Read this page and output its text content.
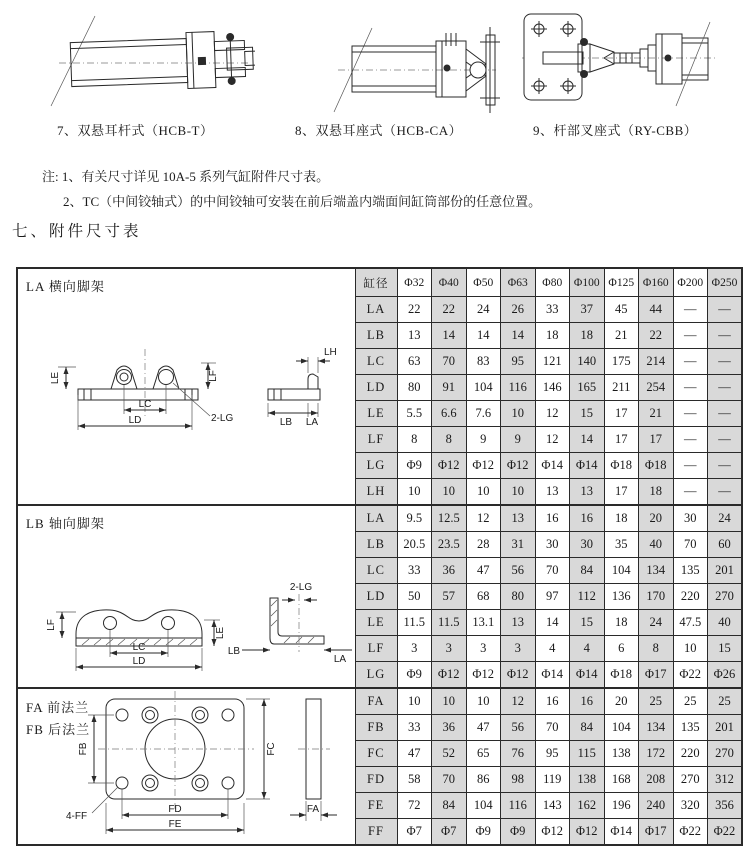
7、双悬耳杆式（HCB-T）	8、双悬耳座式（HCB-CA）	9、杆部叉座式（RY-CBB）
注: 1、有关尺寸详见 10A-5 系列气缸附件尺寸表。
2、TC（中间铰轴式）的中间铰轴可安装在前后端盖内端面间缸筒部份的任意位置。
七、附件尺寸表
LA 横向脚架
LE	LF
LC
LD	2-LG
LH
LB LA
	缸径	Φ32	Φ40	Φ50	Φ63	Φ80	Φ100	Φ125	Φ160	Φ200	Φ250
	LA	22	22	24	26	33	37	45	44	—	—
	LB	13	14	14	14	18	18	21	22	—	—
	LC	63	70	83	95	121	140	175	214	—	—
	LD	80	91	104	116	146	165	211	254	—	—
	LE	5.5	6.6	7.6	10	12	15	17	21	—	—
	LF	8	8	9	9	12	14	17	17	—	—
	LG	Φ9	Φ12	Φ12	Φ12	Φ14	Φ14	Φ18	Φ18	—	—
	LH	10	10	10	10	13	13	17	18	—	—

LB 轴向脚架
LF
LE
LC
LD
2-LG
LB
LA
	LA	9.5	12.5	12	13	16	16	18	20	30	24
	LB	20.5	23.5	28	31	30	30	35	40	70	60
	LC	33	36	47	56	70	84	104	134	135	201
	LD	50	57	68	80	97	112	136	170	220	270
	LE	11.5	11.5	13.1	13	14	15	18	24	47.5	40
	LF	3	3	3	3	4	4	6	8	10	15
	LG	Φ9	Φ12	Φ12	Φ12	Φ14	Φ14	Φ18	Φ17	Φ22	Φ26

FA 前法兰
FB 后法兰
FB	FC
FD
FE
4-FF
FA
	FA	10	10	10	12	16	16	20	25	25	25
	FB	33	36	47	56	70	84	104	134	135	201
	FC	47	52	65	76	95	115	138	172	220	270
	FD	58	70	86	98	119	138	168	208	270	312
	FE	72	84	104	116	143	162	196	240	320	356
	FF	Φ7	Φ7	Φ9	Φ9	Φ12	Φ12	Φ14	Φ17	Φ22	Φ22
